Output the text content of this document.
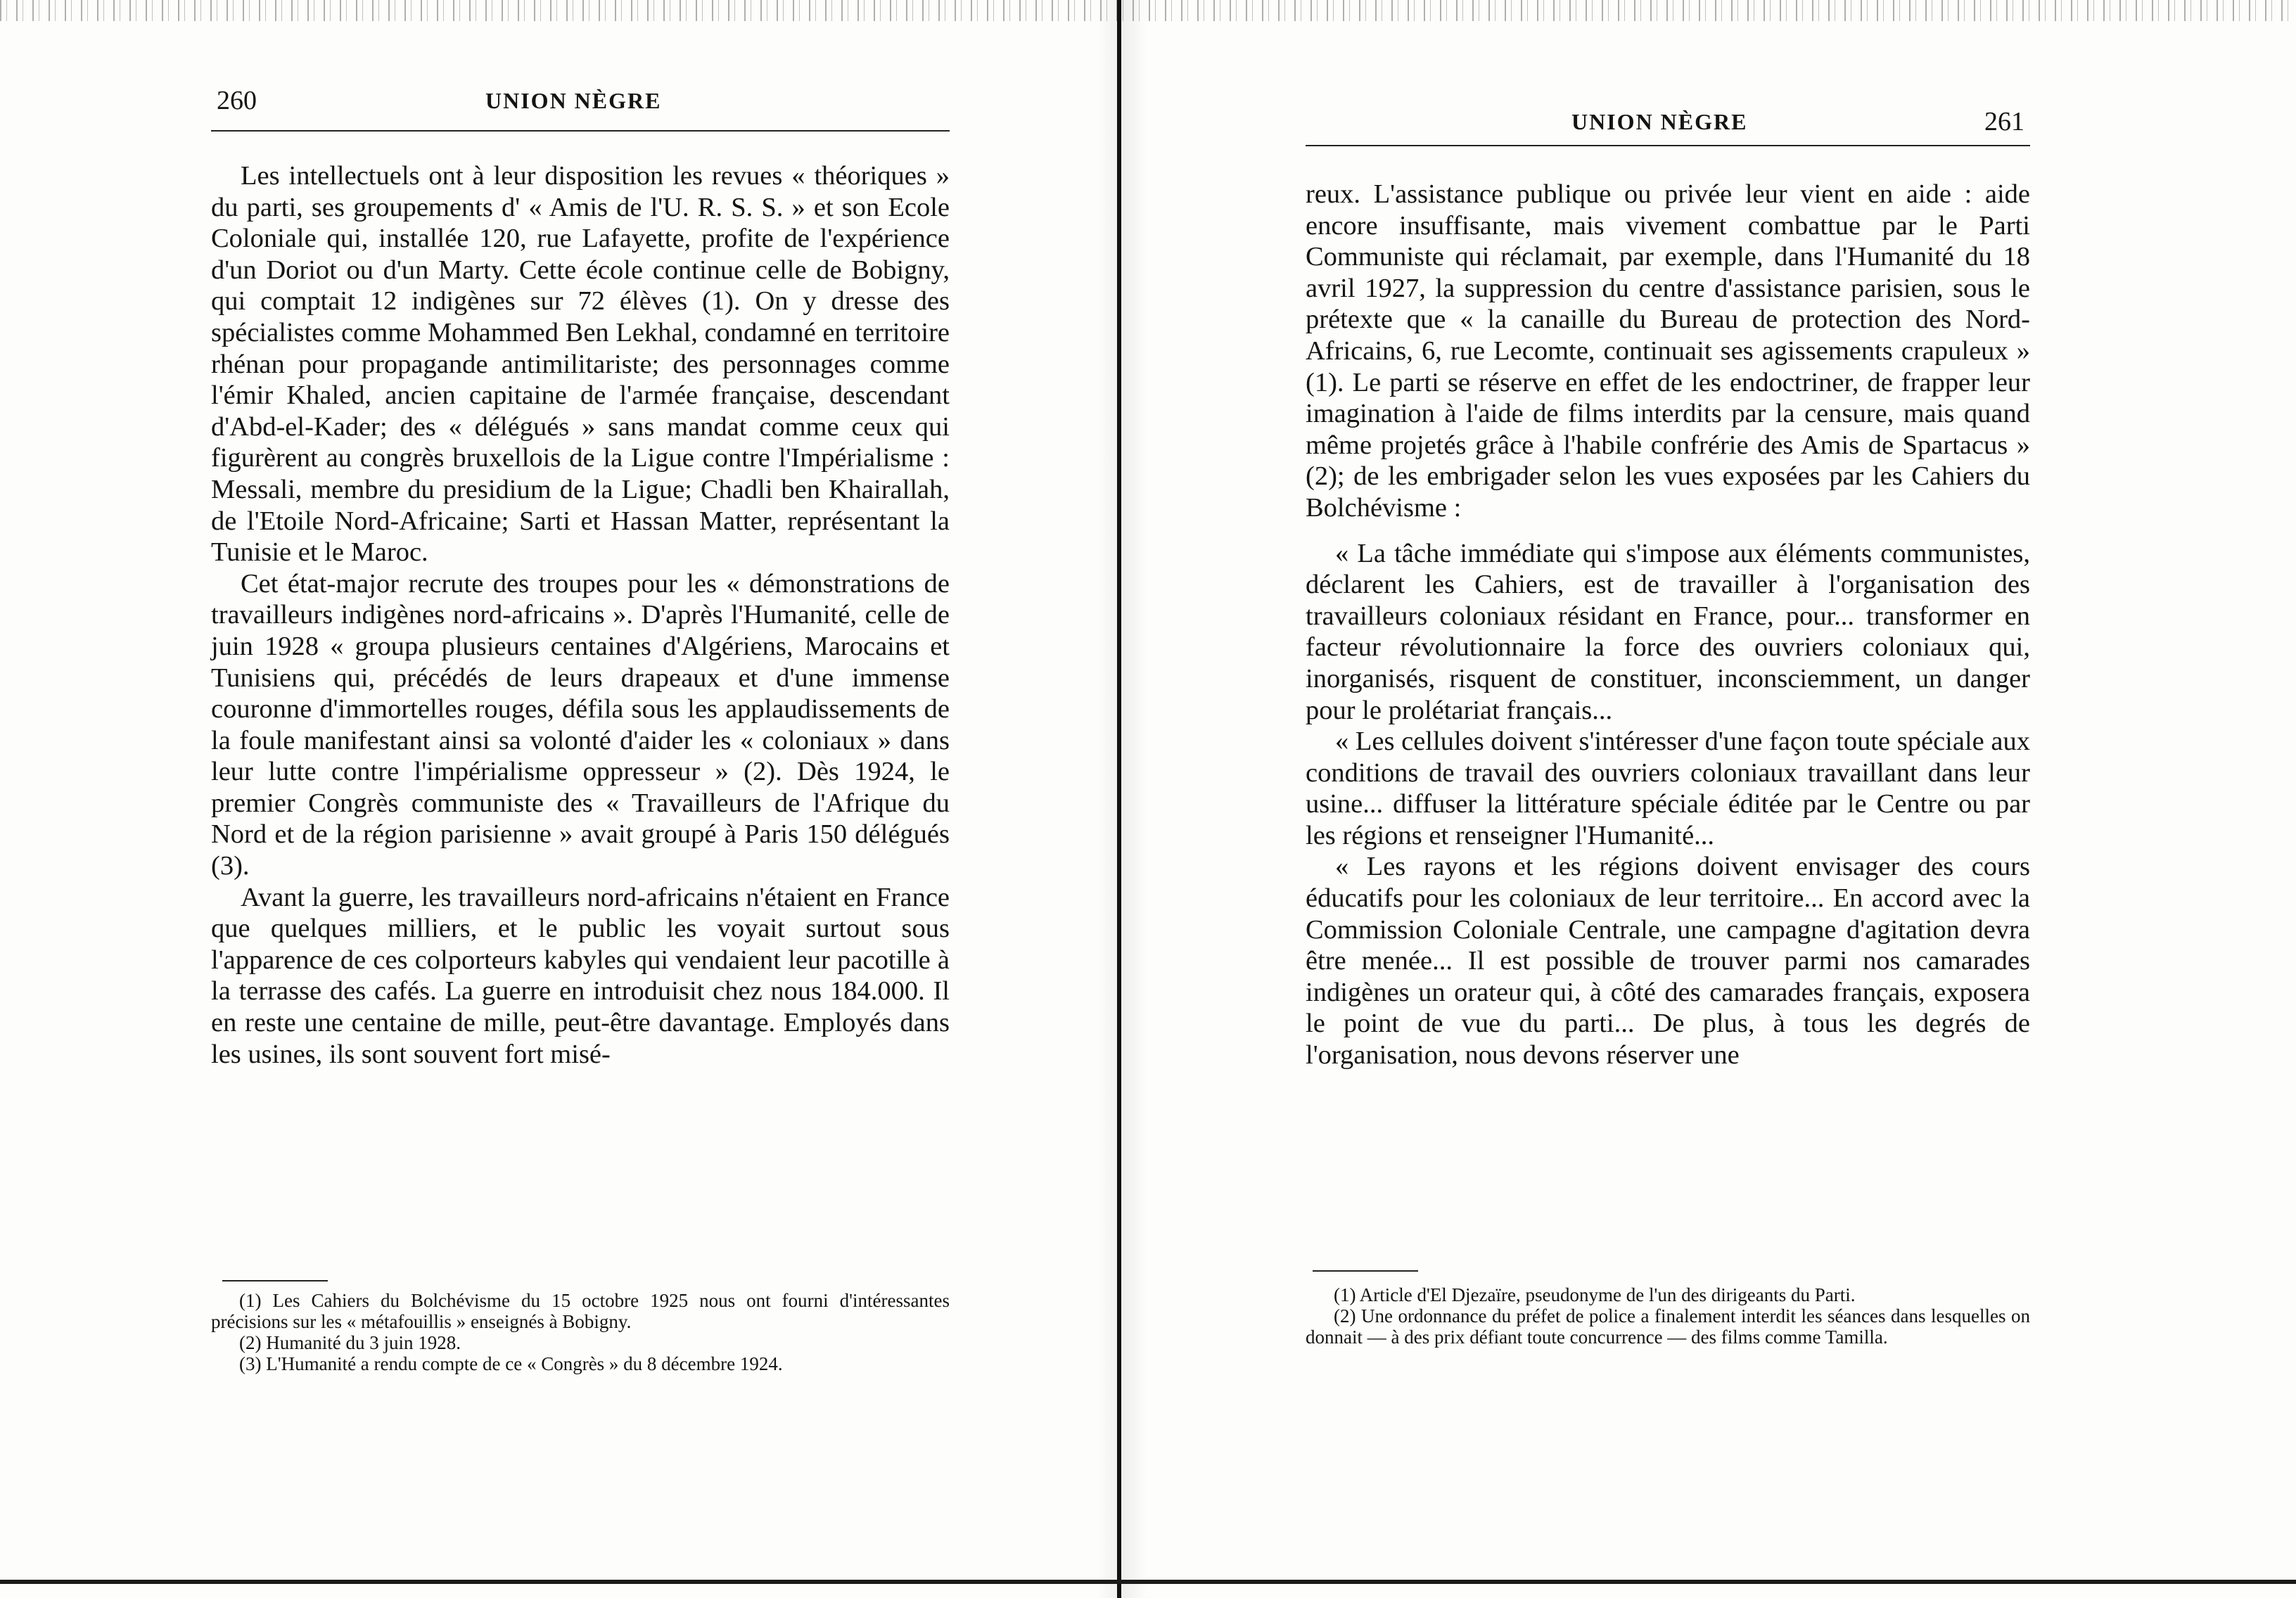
260	UNION NÈGRE

Les intellectuels ont à leur disposition les revues « théoriques » du parti, ses groupements d' « Amis de l'U. R. S. S. » et son Ecole Coloniale qui, installée 120, rue Lafayette, profite de l'expérience d'un Doriot ou d'un Marty. Cette école continue celle de Bobigny, qui comptait 12 indigènes sur 72 élèves (1). On y dresse des spécialistes comme Mohammed Ben Lekhal, condamné en territoire rhénan pour propagande antimilitariste; des personnages comme l'émir Khaled, ancien capitaine de l'armée française, descendant d'Abd-el-Kader; des « délégués » sans mandat comme ceux qui figurèrent au congrès bruxellois de la Ligue contre l'Impérialisme : Messali, membre du presidium de la Ligue; Chadli ben Khairallah, de l'Etoile Nord-Africaine; Sarti et Hassan Matter, représentant la Tunisie et le Maroc.

Cet état-major recrute des troupes pour les « démonstrations de travailleurs indigènes nord-africains ». D'après l'Humanité, celle de juin 1928 « groupa plusieurs centaines d'Algériens, Marocains et Tunisiens qui, précédés de leurs drapeaux et d'une immense couronne d'immortelles rouges, défila sous les applaudissements de la foule manifestant ainsi sa volonté d'aider les « coloniaux » dans leur lutte contre l'impérialisme oppresseur » (2). Dès 1924, le premier Congrès communiste des « Travailleurs de l'Afrique du Nord et de la région parisienne » avait groupé à Paris 150 délégués (3).

Avant la guerre, les travailleurs nord-africains n'étaient en France que quelques milliers, et le public les voyait surtout sous l'apparence de ces colporteurs kabyles qui vendaient leur pacotille à la terrasse des cafés. La guerre en introduisit chez nous 184.000. Il en reste une centaine de mille, peut-être davantage. Employés dans les usines, ils sont souvent fort misé-

(1) Les Cahiers du Bolchévisme du 15 octobre 1925 nous ont fourni d'intéressantes précisions sur les « métafouillis » enseignés à Bobigny.

(2) Humanité du 3 juin 1928.

(3) L'Humanité a rendu compte de ce « Congrès » du 8 décembre 1924.

UNION NÈGRE	261

reux. L'assistance publique ou privée leur vient en aide : aide encore insuffisante, mais vivement combattue par le Parti Communiste qui réclamait, par exemple, dans l'Humanité du 18 avril 1927, la suppression du centre d'assistance parisien, sous le prétexte que « la canaille du Bureau de protection des Nord-Africains, 6, rue Lecomte, continuait ses agissements crapuleux » (1). Le parti se réserve en effet de les endoctriner, de frapper leur imagination à l'aide de films interdits par la censure, mais quand même projetés grâce à l'habile confrérie des Amis de Spartacus » (2); de les embrigader selon les vues exposées par les Cahiers du Bolchévisme :

« La tâche immédiate qui s'impose aux éléments communistes, déclarent les Cahiers, est de travailler à l'organisation des travailleurs coloniaux résidant en France, pour... transformer en facteur révolutionnaire la force des ouvriers coloniaux qui, inorganisés, risquent de constituer, inconsciemment, un danger pour le prolétariat français...

« Les cellules doivent s'intéresser d'une façon toute spéciale aux conditions de travail des ouvriers coloniaux travaillant dans leur usine... diffuser la littérature spéciale éditée par le Centre ou par les régions et renseigner l'Humanité...

« Les rayons et les régions doivent envisager des cours éducatifs pour les coloniaux de leur territoire... En accord avec la Commission Coloniale Centrale, une campagne d'agitation devra être menée... Il est possible de trouver parmi nos camarades indigènes un orateur qui, à côté des camarades français, exposera le point de vue du parti... De plus, à tous les degrés de l'organisation, nous devons réserver une

(1) Article d'El Djezaïre, pseudonyme de l'un des dirigeants du Parti.

(2) Une ordonnance du préfet de police a finalement interdit les séances dans lesquelles on donnait — à des prix défiant toute concurrence — des films comme Tamilla.
